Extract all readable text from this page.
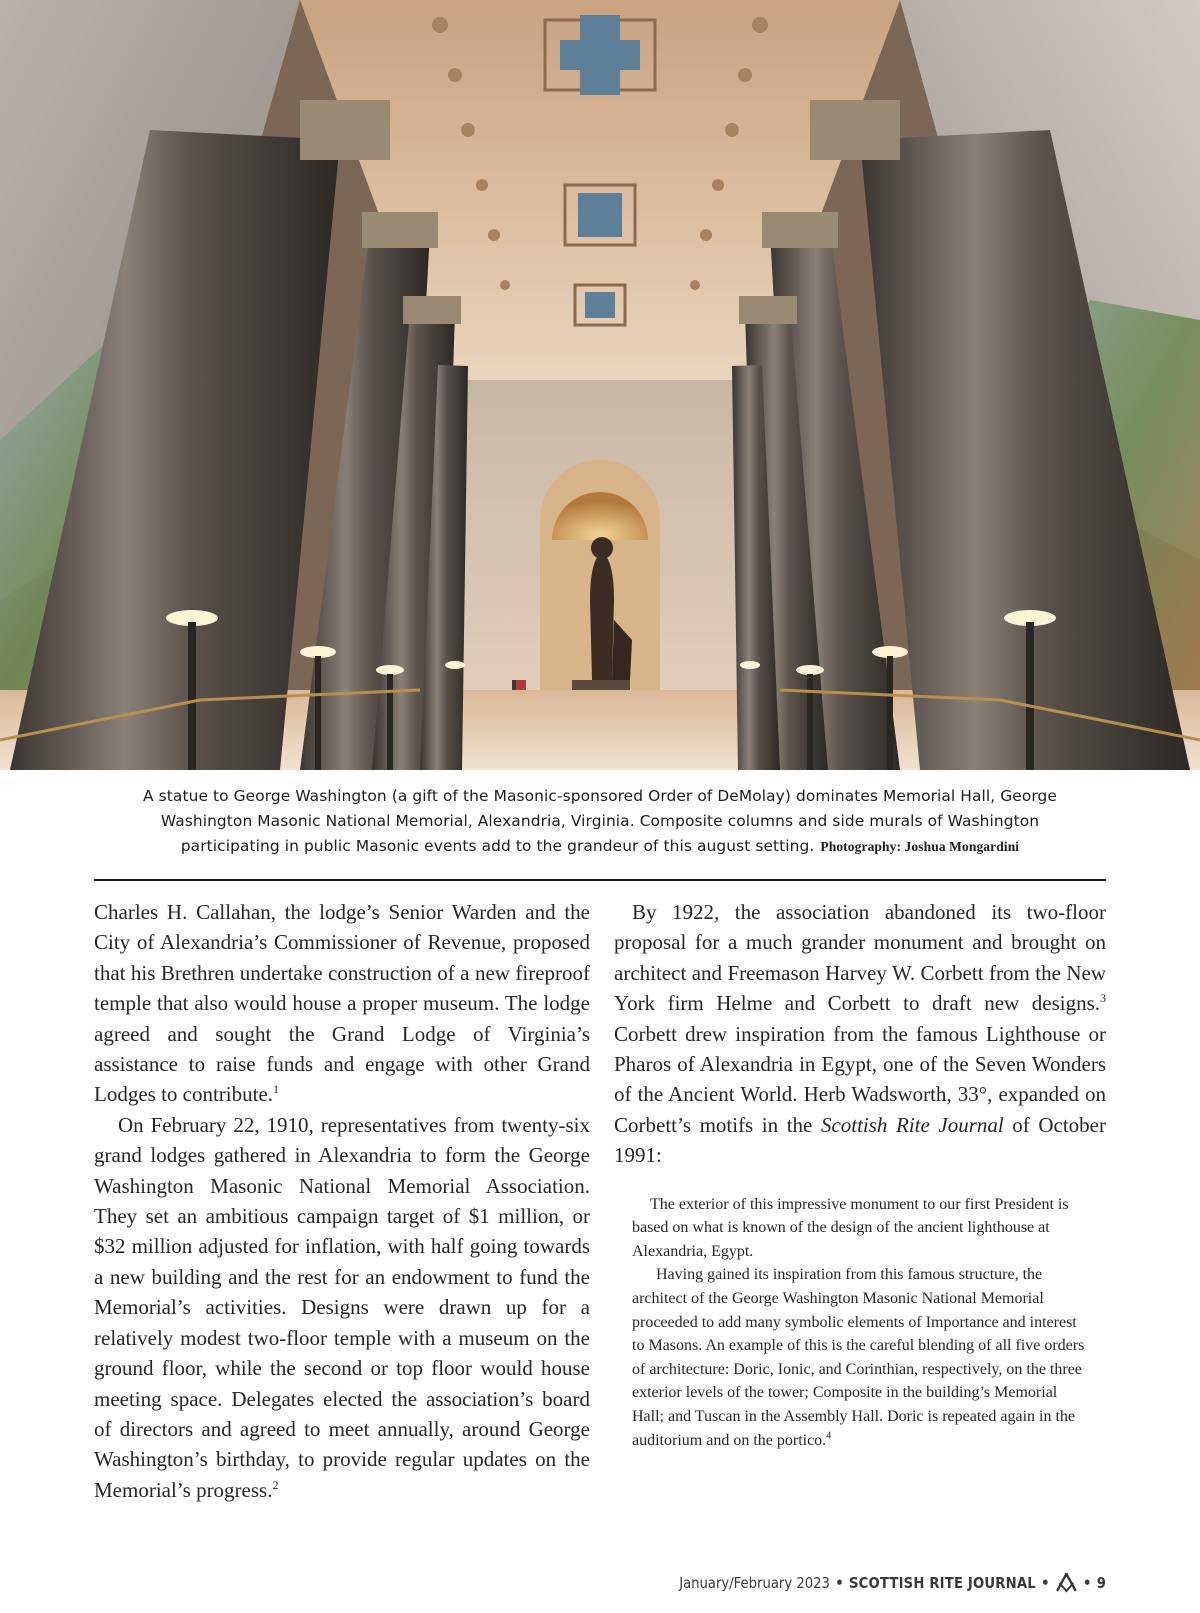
A statue to George Washington (a gift of the Masonic-sponsored Order of DeMolay) dominates Memorial Hall, George Washington Masonic National Memorial, Alexandria, Virginia. Composite columns and side murals of Washington participating in public Masonic events add to the grandeur of this august setting. Photography: Joshua Mongardini

Charles H. Callahan, the lodge’s Senior Warden and the City of Alexandria’s Commissioner of Revenue, proposed that his Brethren undertake construction of a new fireproof temple that also would house a proper museum. The lodge agreed and sought the Grand Lodge of Virginia’s assistance to raise funds and engage with other Grand Lodges to contribute.$^1$

On February 22, 1910, representatives from twenty-six grand lodges gathered in Alexandria to form the George Washington Masonic National Memorial Association. They set an ambitious campaign target of $1 million, or $32 million adjusted for inflation, with half going towards a new building and the rest for an endowment to fund the Memorial’s activities. Designs were drawn up for a relatively modest two-floor temple with a museum on the ground floor, while the second or top floor would house meeting space. Delegates elected the association’s board of directors and agreed to meet annually, around George Washington’s birthday, to provide regular updates on the Memorial’s progress.$^2$

By 1922, the association abandoned its two-floor proposal for a much grander monument and brought on architect and Freemason Harvey W. Corbett from the New York firm Helme and Corbett to draft new designs.$^3$ Corbett drew inspiration from the famous Lighthouse or Pharos of Alexandria in Egypt, one of the Seven Wonders of the Ancient World. Herb Wadsworth, 33°, expanded on Corbett’s motifs in the Scottish Rite Journal of October 1991:

The exterior of this impressive monument to our first President is based on what is known of the design of the ancient lighthouse at Alexandria, Egypt.

Having gained its inspiration from this famous structure, the architect of the George Washington Masonic National Memorial proceeded to add many symbolic elements of Importance and interest to Masons. An example of this is the careful blending of all five orders of architecture: Doric, Ionic, and Corinthian, respectively, on the three exterior levels of the tower; Composite in the building’s Memorial Hall; and Tuscan in the Assembly Hall. Doric is repeated again in the auditorium and on the portico.$^4$

January/February 2023 • SCOTTISH RITE JOURNAL • • 9
